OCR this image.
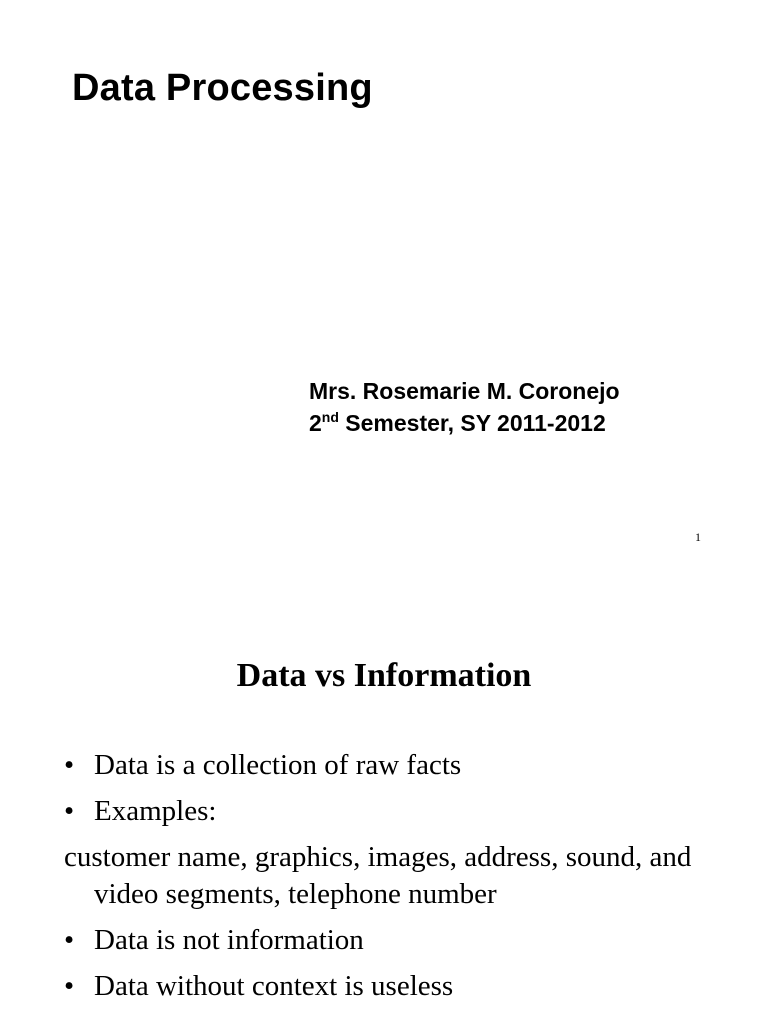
Data Processing
Mrs. Rosemarie M. Coronejo
2nd Semester, SY 2011-2012
1
Data vs Information
• Data is a collection of raw facts
• Examples:
customer name, graphics, images, address, sound, and video segments, telephone number
• Data is not information
• Data without context is useless
